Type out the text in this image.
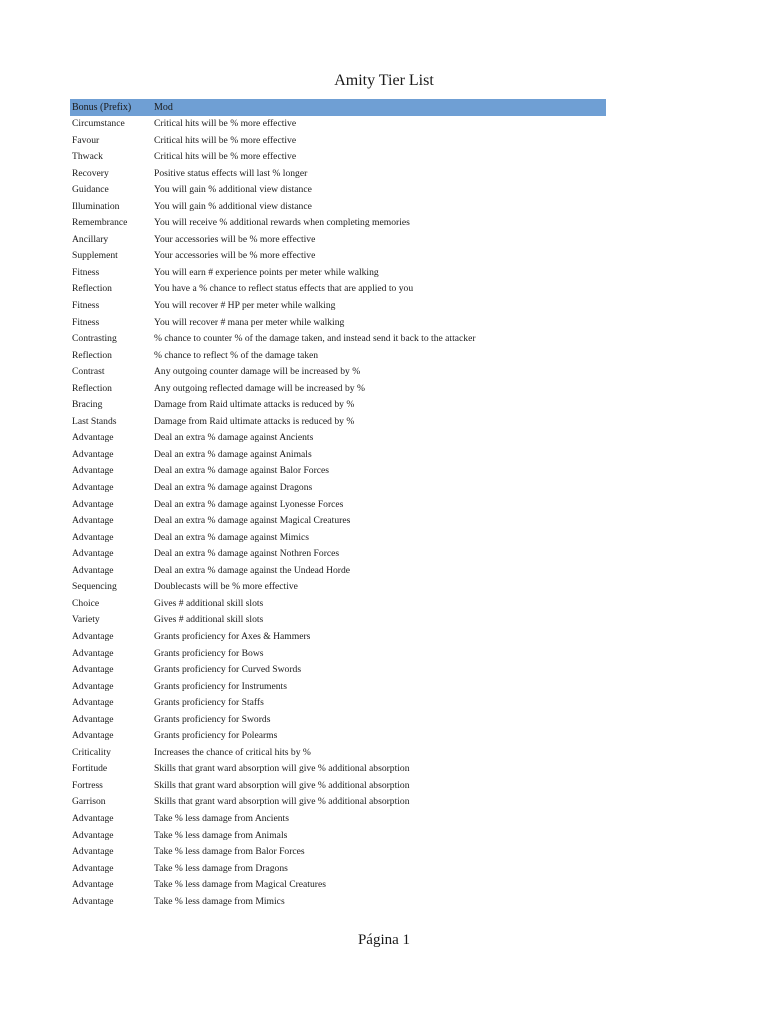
Amity Tier List
Bonus (Prefix)	Mod
Circumstance	Critical hits will be % more effective
Favour	Critical hits will be % more effective
Thwack	Critical hits will be % more effective
Recovery	Positive status effects will last % longer
Guidance	You will gain % additional view distance
Illumination	You will gain % additional view distance
Remembrance	You will receive % additional rewards when completing memories
Ancillary	Your accessories will be % more effective
Supplement	Your accessories will be % more effective
Fitness	You will earn # experience points per meter while walking
Reflection	You have a % chance to reflect status effects that are applied to you
Fitness	You will recover # HP per meter while walking
Fitness	You will recover # mana per meter while walking
Contrasting	% chance to counter % of the damage taken, and instead send it back to the attacker
Reflection	% chance to reflect % of the damage taken
Contrast	Any outgoing counter damage will be increased by %
Reflection	Any outgoing reflected damage will be increased by %
Bracing	Damage from Raid ultimate attacks is reduced by %
Last Stands	Damage from Raid ultimate attacks is reduced by %
Advantage	Deal an extra % damage against Ancients
Advantage	Deal an extra % damage against Animals
Advantage	Deal an extra % damage against Balor Forces
Advantage	Deal an extra % damage against Dragons
Advantage	Deal an extra % damage against Lyonesse Forces
Advantage	Deal an extra % damage against Magical Creatures
Advantage	Deal an extra % damage against Mimics
Advantage	Deal an extra % damage against Nothren Forces
Advantage	Deal an extra % damage against the Undead Horde
Sequencing	Doublecasts will be % more effective
Choice	Gives # additional skill slots
Variety	Gives # additional skill slots
Advantage	Grants proficiency for Axes & Hammers
Advantage	Grants proficiency for Bows
Advantage	Grants proficiency for Curved Swords
Advantage	Grants proficiency for Instruments
Advantage	Grants proficiency for Staffs
Advantage	Grants proficiency for Swords
Advantage	Grants proficiency for Polearms
Criticality	Increases the chance of critical hits by %
Fortitude	Skills that grant ward absorption will give % additional absorption
Fortress	Skills that grant ward absorption will give % additional absorption
Garrison	Skills that grant ward absorption will give % additional absorption
Advantage	Take % less damage from Ancients
Advantage	Take % less damage from Animals
Advantage	Take % less damage from Balor Forces
Advantage	Take % less damage from Dragons
Advantage	Take % less damage from Magical Creatures
Advantage	Take % less damage from Mimics
Página 1
